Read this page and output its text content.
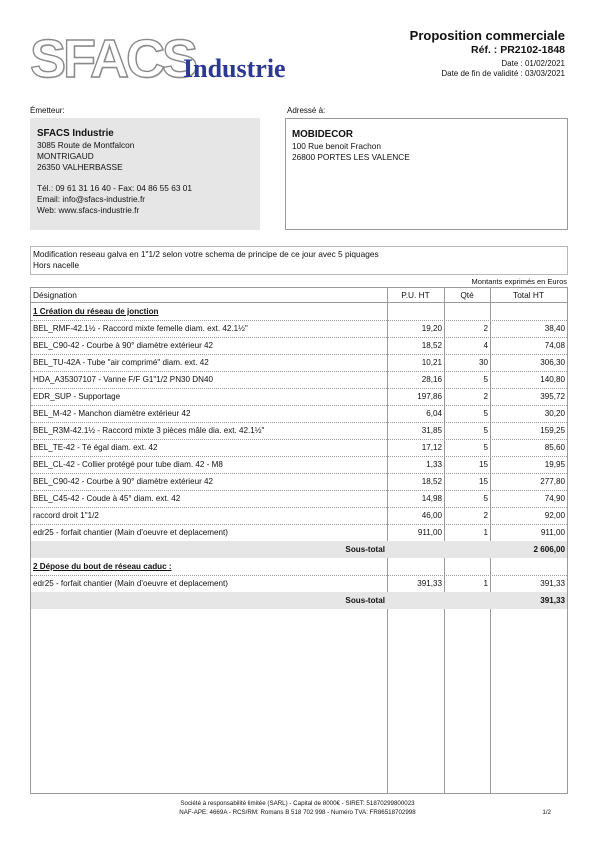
SFACS
Industrie
Proposition commerciale
Réf. : PR2102-1848
Date : 01/02/2021
Date de fin de validité : 03/03/2021
Émetteur:	Adressé à:
SFACS Industrie
3085 Route de Montfalcon
MONTRIGAUD
26350 VALHERBASSE
Tél.: 09 61 31 16 40 - Fax: 04 86 55 63 01
Email: info@sfacs-industrie.fr
Web: www.sfacs-industrie.fr
MOBIDECOR
100 Rue benoit Frachon
26800 PORTES LES VALENCE
Modification reseau galva en 1"1/2 selon votre schema de principe de ce jour avec 5 piquages
Hors nacelle
Montants exprimés en Euros
Désignation	P.U. HT	Qté	Total HT
1 Création du réseau de jonction
BEL_RMF-42.1½ - Raccord mixte femelle diam. ext. 42.1½"	19,20	2	38,40
BEL_C90-42 - Courbe à 90° diamètre extérieur 42	18,52	4	74,08
BEL_TU-42A - Tube "air comprimé" diam. ext. 42	10,21	30	306,30
HDA_A35307107 - Vanne F/F G1"1/2 PN30 DN40	28,16	5	140,80
EDR_SUP - Supportage	197,86	2	395,72
BEL_M-42 - Manchon diamètre extérieur 42	6,04	5	30,20
BEL_R3M-42.1½ - Raccord mixte 3 pièces mâle dia. ext. 42.1½"	31,85	5	159,25
BEL_TE-42 - Té égal diam. ext. 42	17,12	5	85,60
BEL_CL-42 - Collier protégé pour tube diam. 42 - M8	1,33	15	19,95
BEL_C90-42 - Courbe à 90° diamètre extérieur 42	18,52	15	277,80
BEL_C45-42 - Coude à 45° diam. ext. 42	14,98	5	74,90
raccord droit 1"1/2	46,00	2	92,00
edr25 - forfait chantier (Main d'oeuvre et deplacement)	911,00	1	911,00
Sous-total	2 606,00
2 Dépose du bout de réseau caduc :
edr25 - forfait chantier (Main d'oeuvre et deplacement)	391,33	1	391,33
Sous-total	391,33
Société à responsabilité limitée (SARL) - Capital de 8000€ - SIRET: 51870299800023
NAF-APE: 4669A - RCS/RM: Romans B 518 702 998 - Numéro TVA: FR86518702998	1/2
